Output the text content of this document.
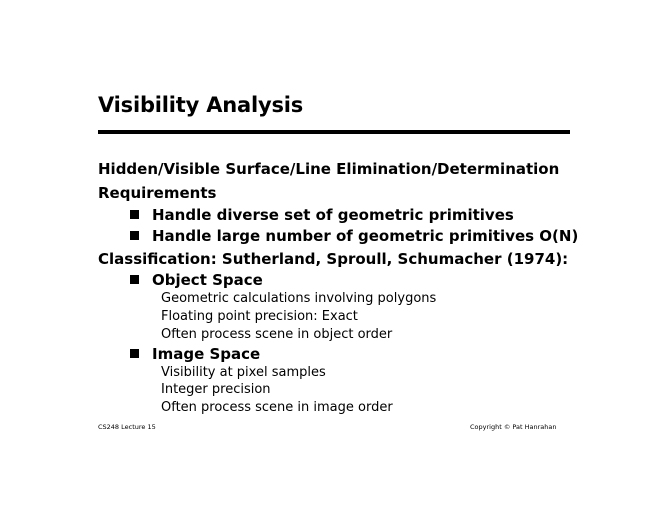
Visibility Analysis
Hidden/Visible Surface/Line Elimination/Determination
Requirements
Handle diverse set of geometric primitives
Handle large number of geometric primitives O(N)
Classification: Sutherland, Sproull, Schumacher (1974):
Object Space
Geometric calculations involving polygons
Floating point precision: Exact
Often process scene in object order
Image Space
Visibility at pixel samples
Integer precision
Often process scene in image order
CS248 Lecture 15	Copyright © Pat Hanrahan
